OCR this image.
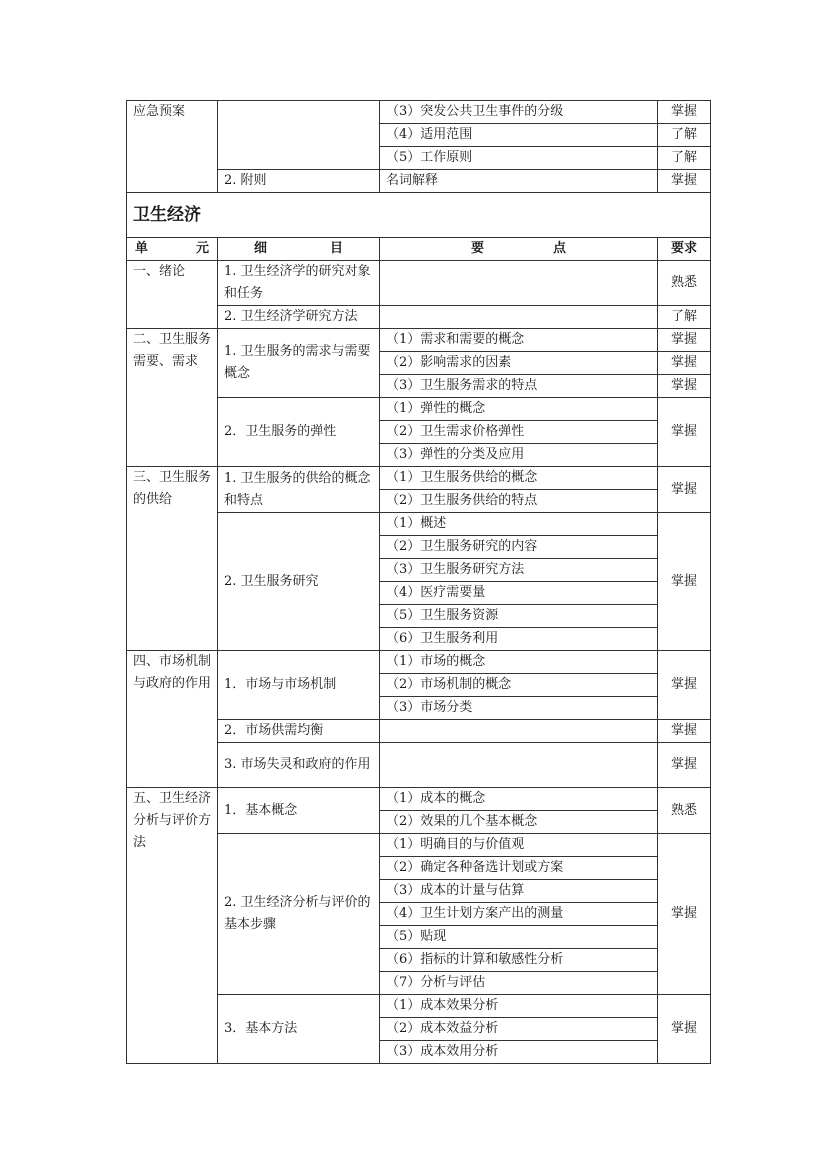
应急预案		（3）突发公共卫生事件的分级	掌握
		（4）适用范围	了解
		（5）工作原则	了解
	2. 附则	名词解释	掌握
卫生经济			

单 元	细 目	要 点	要求
一、绪论	1. 卫生经济学的研究对象和任务		熟悉
	2. 卫生经济学研究方法		了解
二、卫生服务需要、需求	1. 卫生服务的需求与需要概念	（1）需求和需要的概念	掌握
		（2）影响需求的因素	掌握
		（3）卫生服务需求的特点	掌握
	2．卫生服务的弹性	（1）弹性的概念	掌握
		（2）卫生需求价格弹性	
		（3）弹性的分类及应用	
三、卫生服务的供给	1. 卫生服务的供给的概念和特点	（1）卫生服务供给的概念	掌握
		（2）卫生服务供给的特点	
	2. 卫生服务研究	（1）概述	掌握
		（2）卫生服务研究的内容	
		（3）卫生服务研究方法	
		（4）医疗需要量	
		（5）卫生服务资源	
		（6）卫生服务利用	
四、市场机制与政府的作用	1．市场与市场机制	（1）市场的概念	掌握
		（2）市场机制的概念	
		（3）市场分类	
	2．市场供需均衡		掌握
	3. 市场失灵和政府的作用		掌握
五、卫生经济分析与评价方法	1．基本概念	（1）成本的概念	熟悉
		（2）效果的几个基本概念	
	2. 卫生经济分析与评价的基本步骤	（1）明确目的与价值观	掌握
		（2）确定各种备选计划或方案	
		（3）成本的计量与估算	
		（4）卫生计划方案产出的测量	
		（5）贴现	
		（6）指标的计算和敏感性分析	
		（7）分析与评估	
	3．基本方法	（1）成本效果分析	掌握
		（2）成本效益分析	
		（3）成本效用分析	
